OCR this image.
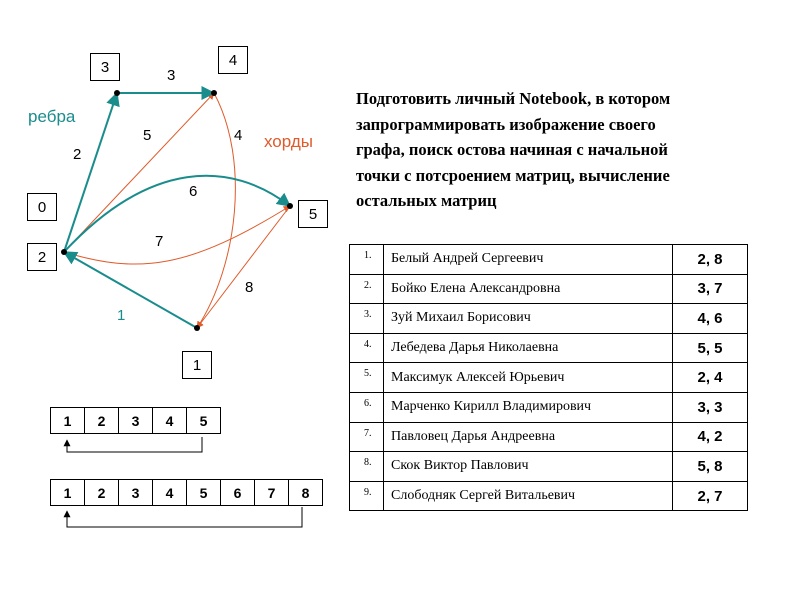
3	4
0
2
5
1
2
3
6
1
5	4
7
8
ребра
хорды
Подготовить личный Notebook, в котором
запрограммировать изображение своего
графа, поиск остова начиная с начальной
точки с потсроением матриц, вычисление
остальных матриц
1.	Белый Андрей Сергеевич	2, 8
2.	Бойко Елена Александровна	3, 7
3.	Зуй Михаил Борисович	4, 6
4.	Лебедева Дарья Николаевна	5, 5
5.	Максимук Алексей Юрьевич	2, 4
6.	Марченко Кирилл Владимирович	3, 3
7.	Павловец Дарья Андреевна	4, 2
8.	Скок Виктор Павлович	5, 8
9.	Слободняк Сергей Витальевич	2, 7
1	2	3	4	5
1	2	3	4	5	6	7	8
